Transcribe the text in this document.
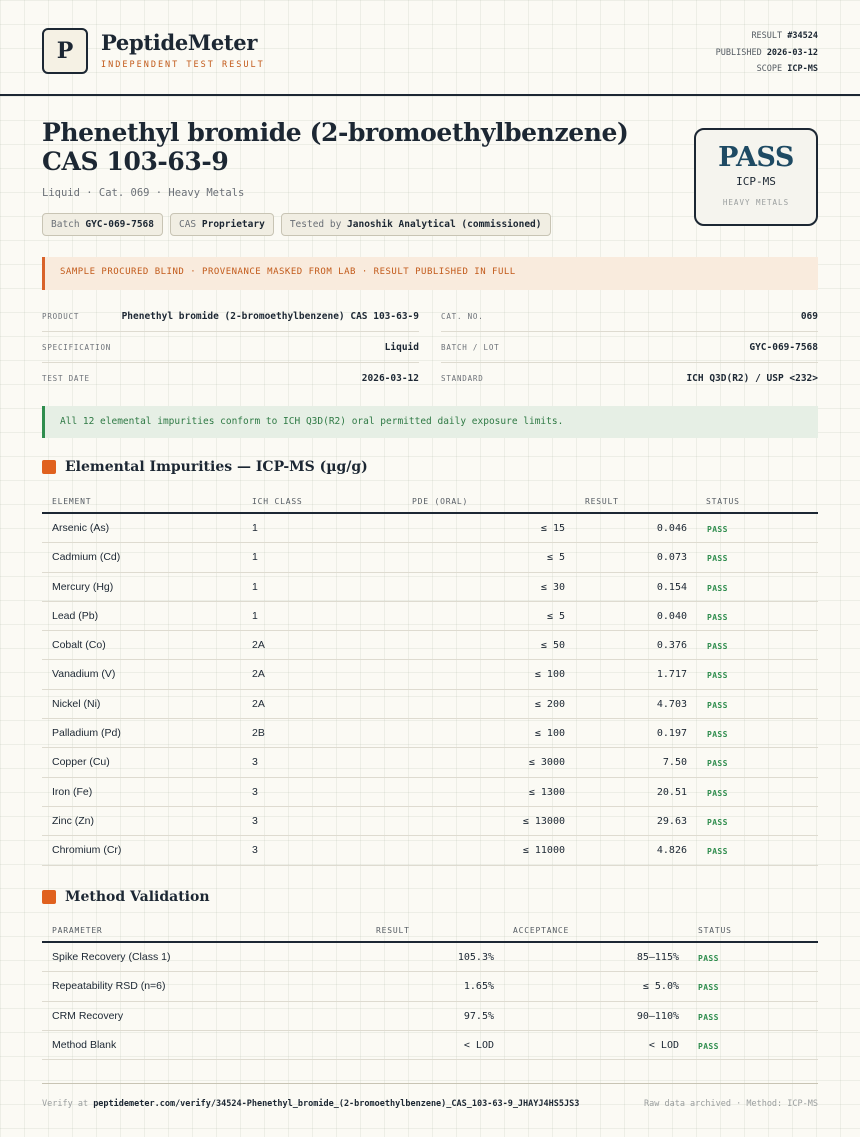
P PeptideMeter
INDEPENDENT TEST RESULT
RESULT #34524
PUBLISHED 2026-03-12
SCOPE ICP-MS
Phenethyl bromide (2-bromoethylbenzene) CAS 103-63-9
Liquid · Cat. 069 · Heavy Metals
Batch GYC-069-7568	CAS Proprietary	Tested by Janoshik Analytical (commissioned)
PASS
ICP-MS
HEAVY METALS
SAMPLE PROCURED BLIND · PROVENANCE MASKED FROM LAB · RESULT PUBLISHED IN FULL
PRODUCT	Phenethyl bromide (2-bromoethylbenzene) CAS 103-63-9
SPECIFICATION	Liquid
TEST DATE	2026-03-12
CAT. NO.	069
BATCH / LOT	GYC-069-7568
STANDARD	ICH Q3D(R2) / USP <232>
All 12 elemental impurities conform to ICH Q3D(R2) oral permitted daily exposure limits.
Elemental Impurities — ICP-MS (µg/g)
ELEMENT	ICH CLASS	PDE (ORAL)	RESULT	STATUS
Arsenic (As)	1	≤ 15	0.046	PASS
Cadmium (Cd)	1	≤ 5	0.073	PASS
Mercury (Hg)	1	≤ 30	0.154	PASS
Lead (Pb)	1	≤ 5	0.040	PASS
Cobalt (Co)	2A	≤ 50	0.376	PASS
Vanadium (V)	2A	≤ 100	1.717	PASS
Nickel (Ni)	2A	≤ 200	4.703	PASS
Palladium (Pd)	2B	≤ 100	0.197	PASS
Copper (Cu)	3	≤ 3000	7.50	PASS
Iron (Fe)	3	≤ 1300	20.51	PASS
Zinc (Zn)	3	≤ 13000	29.63	PASS
Chromium (Cr)	3	≤ 11000	4.826	PASS
Method Validation
PARAMETER	RESULT	ACCEPTANCE	STATUS
Spike Recovery (Class 1)	105.3%	85–115% PASS
Repeatability RSD (n=6)	1.65%	≤ 5.0% PASS
CRM Recovery	97.5%	90–110% PASS
Method Blank	< LOD	< LOD PASS
Verify at peptidemeter.com/verify/34524-Phenethyl_bromide_(2-bromoethylbenzene)_CAS_103-63-9_JHAYJ4HS5JS3	Raw data archived · Method: ICP-MS
